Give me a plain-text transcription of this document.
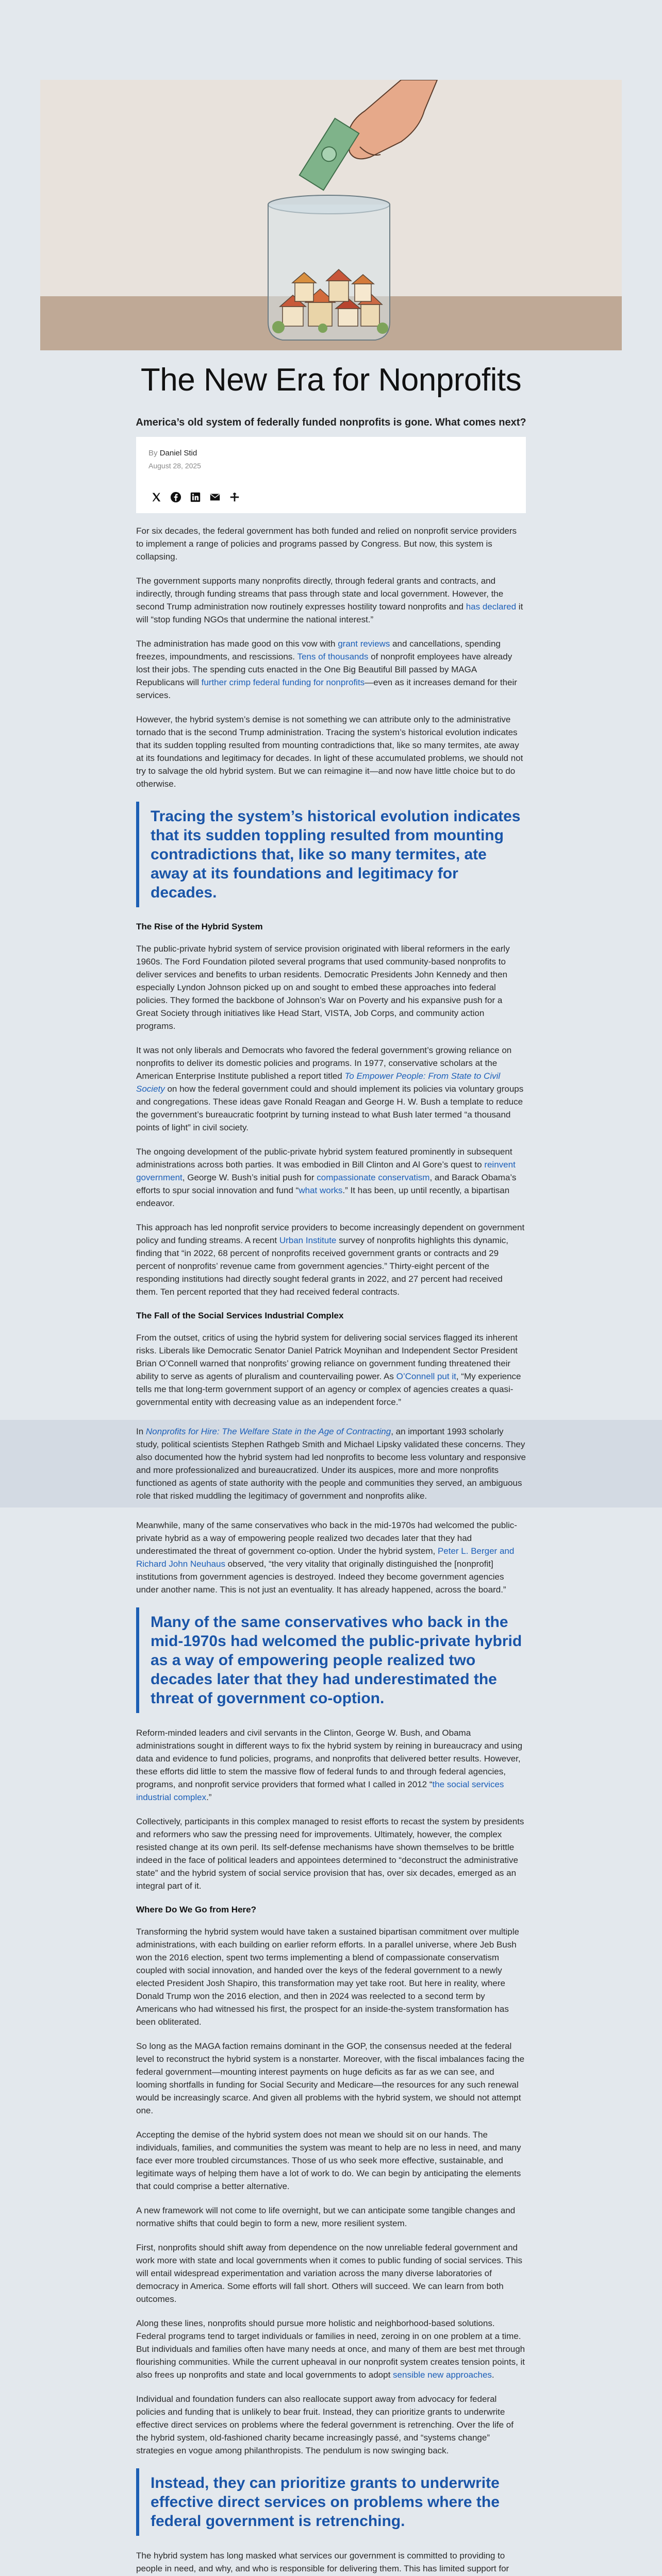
The New Era for Nonprofits
America’s old system of federally funded nonprofits is gone. What comes next?
By Daniel Stid
August 28, 2025

For six decades, the federal government has both funded and relied on nonprofit service providers to implement a range of policies and programs passed by Congress. But now, this system is collapsing.

The government supports many nonprofits directly, through federal grants and contracts, and indirectly, through funding streams that pass through state and local government. However, the second Trump administration now routinely expresses hostility toward nonprofits and has declared it will “stop funding NGOs that undermine the national interest.”

The administration has made good on this vow with grant reviews and cancellations, spending freezes, impoundments, and rescissions. Tens of thousands of nonprofit employees have already lost their jobs. The spending cuts enacted in the One Big Beautiful Bill passed by MAGA Republicans will further crimp federal funding for nonprofits—even as it increases demand for their services.

However, the hybrid system’s demise is not something we can attribute only to the administrative tornado that is the second Trump administration. Tracing the system’s historical evolution indicates that its sudden toppling resulted from mounting contradictions that, like so many termites, ate away at its foundations and legitimacy for decades. In light of these accumulated problems, we should not try to salvage the old hybrid system. But we can reimagine it—and now have little choice but to do otherwise.

Tracing the system’s historical evolution indicates that its sudden toppling resulted from mounting contradictions that, like so many termites, ate away at its foundations and legitimacy for decades.
The Rise of the Hybrid System

The public-private hybrid system of service provision originated with liberal reformers in the early 1960s. The Ford Foundation piloted several programs that used community-based nonprofits to deliver services and benefits to urban residents. Democratic Presidents John Kennedy and then especially Lyndon Johnson picked up on and sought to embed these approaches into federal policies. They formed the backbone of Johnson’s War on Poverty and his expansive push for a Great Society through initiatives like Head Start, VISTA, Job Corps, and community action programs.

It was not only liberals and Democrats who favored the federal government’s growing reliance on nonprofits to deliver its domestic policies and programs. In 1977, conservative scholars at the American Enterprise Institute published a report titled To Empower People: From State to Civil Society on how the federal government could and should implement its policies via voluntary groups and congregations. These ideas gave Ronald Reagan and George H. W. Bush a template to reduce the government’s bureaucratic footprint by turning instead to what Bush later termed “a thousand points of light” in civil society.

The ongoing development of the public-private hybrid system featured prominently in subsequent administrations across both parties. It was embodied in Bill Clinton and Al Gore’s quest to reinvent government, George W. Bush’s initial push for compassionate conservatism, and Barack Obama’s efforts to spur social innovation and fund “what works.” It has been, up until recently, a bipartisan endeavor.

This approach has led nonprofit service providers to become increasingly dependent on government policy and funding streams. A recent Urban Institute survey of nonprofits highlights this dynamic, finding that “in 2022, 68 percent of nonprofits received government grants or contracts and 29 percent of nonprofits’ revenue came from government agencies.” Thirty-eight percent of the responding institutions had directly sought federal grants in 2022, and 27 percent had received them. Ten percent reported that they had received federal contracts.

The Fall of the Social Services Industrial Complex

From the outset, critics of using the hybrid system for delivering social services flagged its inherent risks. Liberals like Democratic Senator Daniel Patrick Moynihan and Independent Sector President Brian O’Connell warned that nonprofits’ growing reliance on government funding threatened their ability to serve as agents of pluralism and countervailing power. As O’Connell put it, “My experience tells me that long-term government support of an agency or complex of agencies creates a quasi-governmental entity with decreasing value as an independent force.”

In Nonprofits for Hire: The Welfare State in the Age of Contracting, an important 1993 scholarly study, political scientists Stephen Rathgeb Smith and Michael Lipsky validated these concerns. They also documented how the hybrid system had led nonprofits to become less voluntary and responsive and more professionalized and bureaucratized. Under its auspices, more and more nonprofits functioned as agents of state authority with the people and communities they served, an ambiguous role that risked muddling the legitimacy of government and nonprofits alike.

Meanwhile, many of the same conservatives who back in the mid-1970s had welcomed the public-private hybrid as a way of empowering people realized two decades later that they had underestimated the threat of government co-option. Under the hybrid system, Peter L. Berger and Richard John Neuhaus observed, “the very vitality that originally distinguished the [nonprofit] institutions from government agencies is destroyed. Indeed they become government agencies under another name. This is not just an eventuality. It has already happened, across the board.”

Many of the same conservatives who back in the mid-1970s had welcomed the public-private hybrid as a way of empowering people realized two decades later that they had underestimated the threat of government co-option.

Reform-minded leaders and civil servants in the Clinton, George W. Bush, and Obama administrations sought in different ways to fix the hybrid system by reining in bureaucracy and using data and evidence to fund policies, programs, and nonprofits that delivered better results. However, these efforts did little to stem the massive flow of federal funds to and through federal agencies, programs, and nonprofit service providers that formed what I called in 2012 “the social services industrial complex.”

Collectively, participants in this complex managed to resist efforts to recast the system by presidents and reformers who saw the pressing need for improvements. Ultimately, however, the complex resisted change at its own peril. Its self-defense mechanisms have shown themselves to be brittle indeed in the face of political leaders and appointees determined to “deconstruct the administrative state” and the hybrid system of social service provision that has, over six decades, emerged as an integral part of it.

Where Do We Go from Here?

Transforming the hybrid system would have taken a sustained bipartisan commitment over multiple administrations, with each building on earlier reform efforts. In a parallel universe, where Jeb Bush won the 2016 election, spent two terms implementing a blend of compassionate conservatism coupled with social innovation, and handed over the keys of the federal government to a newly elected President Josh Shapiro, this transformation may yet take root. But here in reality, where Donald Trump won the 2016 election, and then in 2024 was reelected to a second term by Americans who had witnessed his first, the prospect for an inside-the-system transformation has been obliterated.

So long as the MAGA faction remains dominant in the GOP, the consensus needed at the federal level to reconstruct the hybrid system is a nonstarter. Moreover, with the fiscal imbalances facing the federal government—mounting interest payments on huge deficits as far as we can see, and looming shortfalls in funding for Social Security and Medicare—the resources for any such renewal would be increasingly scarce. And given all problems with the hybrid system, we should not attempt one.

Accepting the demise of the hybrid system does not mean we should sit on our hands. The individuals, families, and communities the system was meant to help are no less in need, and many face ever more troubled circumstances. Those of us who seek more effective, sustainable, and legitimate ways of helping them have a lot of work to do. We can begin by anticipating the elements that could comprise a better alternative.

A new framework will not come to life overnight, but we can anticipate some tangible changes and normative shifts that could begin to form a new, more resilient system.

First, nonprofits should shift away from dependence on the now unreliable federal government and work more with state and local governments when it comes to public funding of social services. This will entail widespread experimentation and variation across the many diverse laboratories of democracy in America. Some efforts will fall short. Others will succeed. We can learn from both outcomes.

Along these lines, nonprofits should pursue more holistic and neighborhood-based solutions. Federal programs tend to target individuals or families in need, zeroing in on one problem at a time. But individuals and families often have many needs at once, and many of them are best met through flourishing communities. While the current upheaval in our nonprofit system creates tension points, it also frees up nonprofits and state and local governments to adopt sensible new approaches.

Individual and foundation funders can also reallocate support away from advocacy for federal policies and funding that is unlikely to bear fruit. Instead, they can prioritize grants to underwrite effective direct services on problems where the federal government is retrenching. Over the life of the hybrid system, old-fashioned charity became increasingly passé, and “systems change” strategies en vogue among philanthropists. The pendulum is now swinging back.

Instead, they can prioritize grants to underwrite effective direct services on problems where the federal government is retrenching.

The hybrid system has long masked what services our government is committed to providing to people in need, and why, and who is responsible for delivering them. This has limited support for
